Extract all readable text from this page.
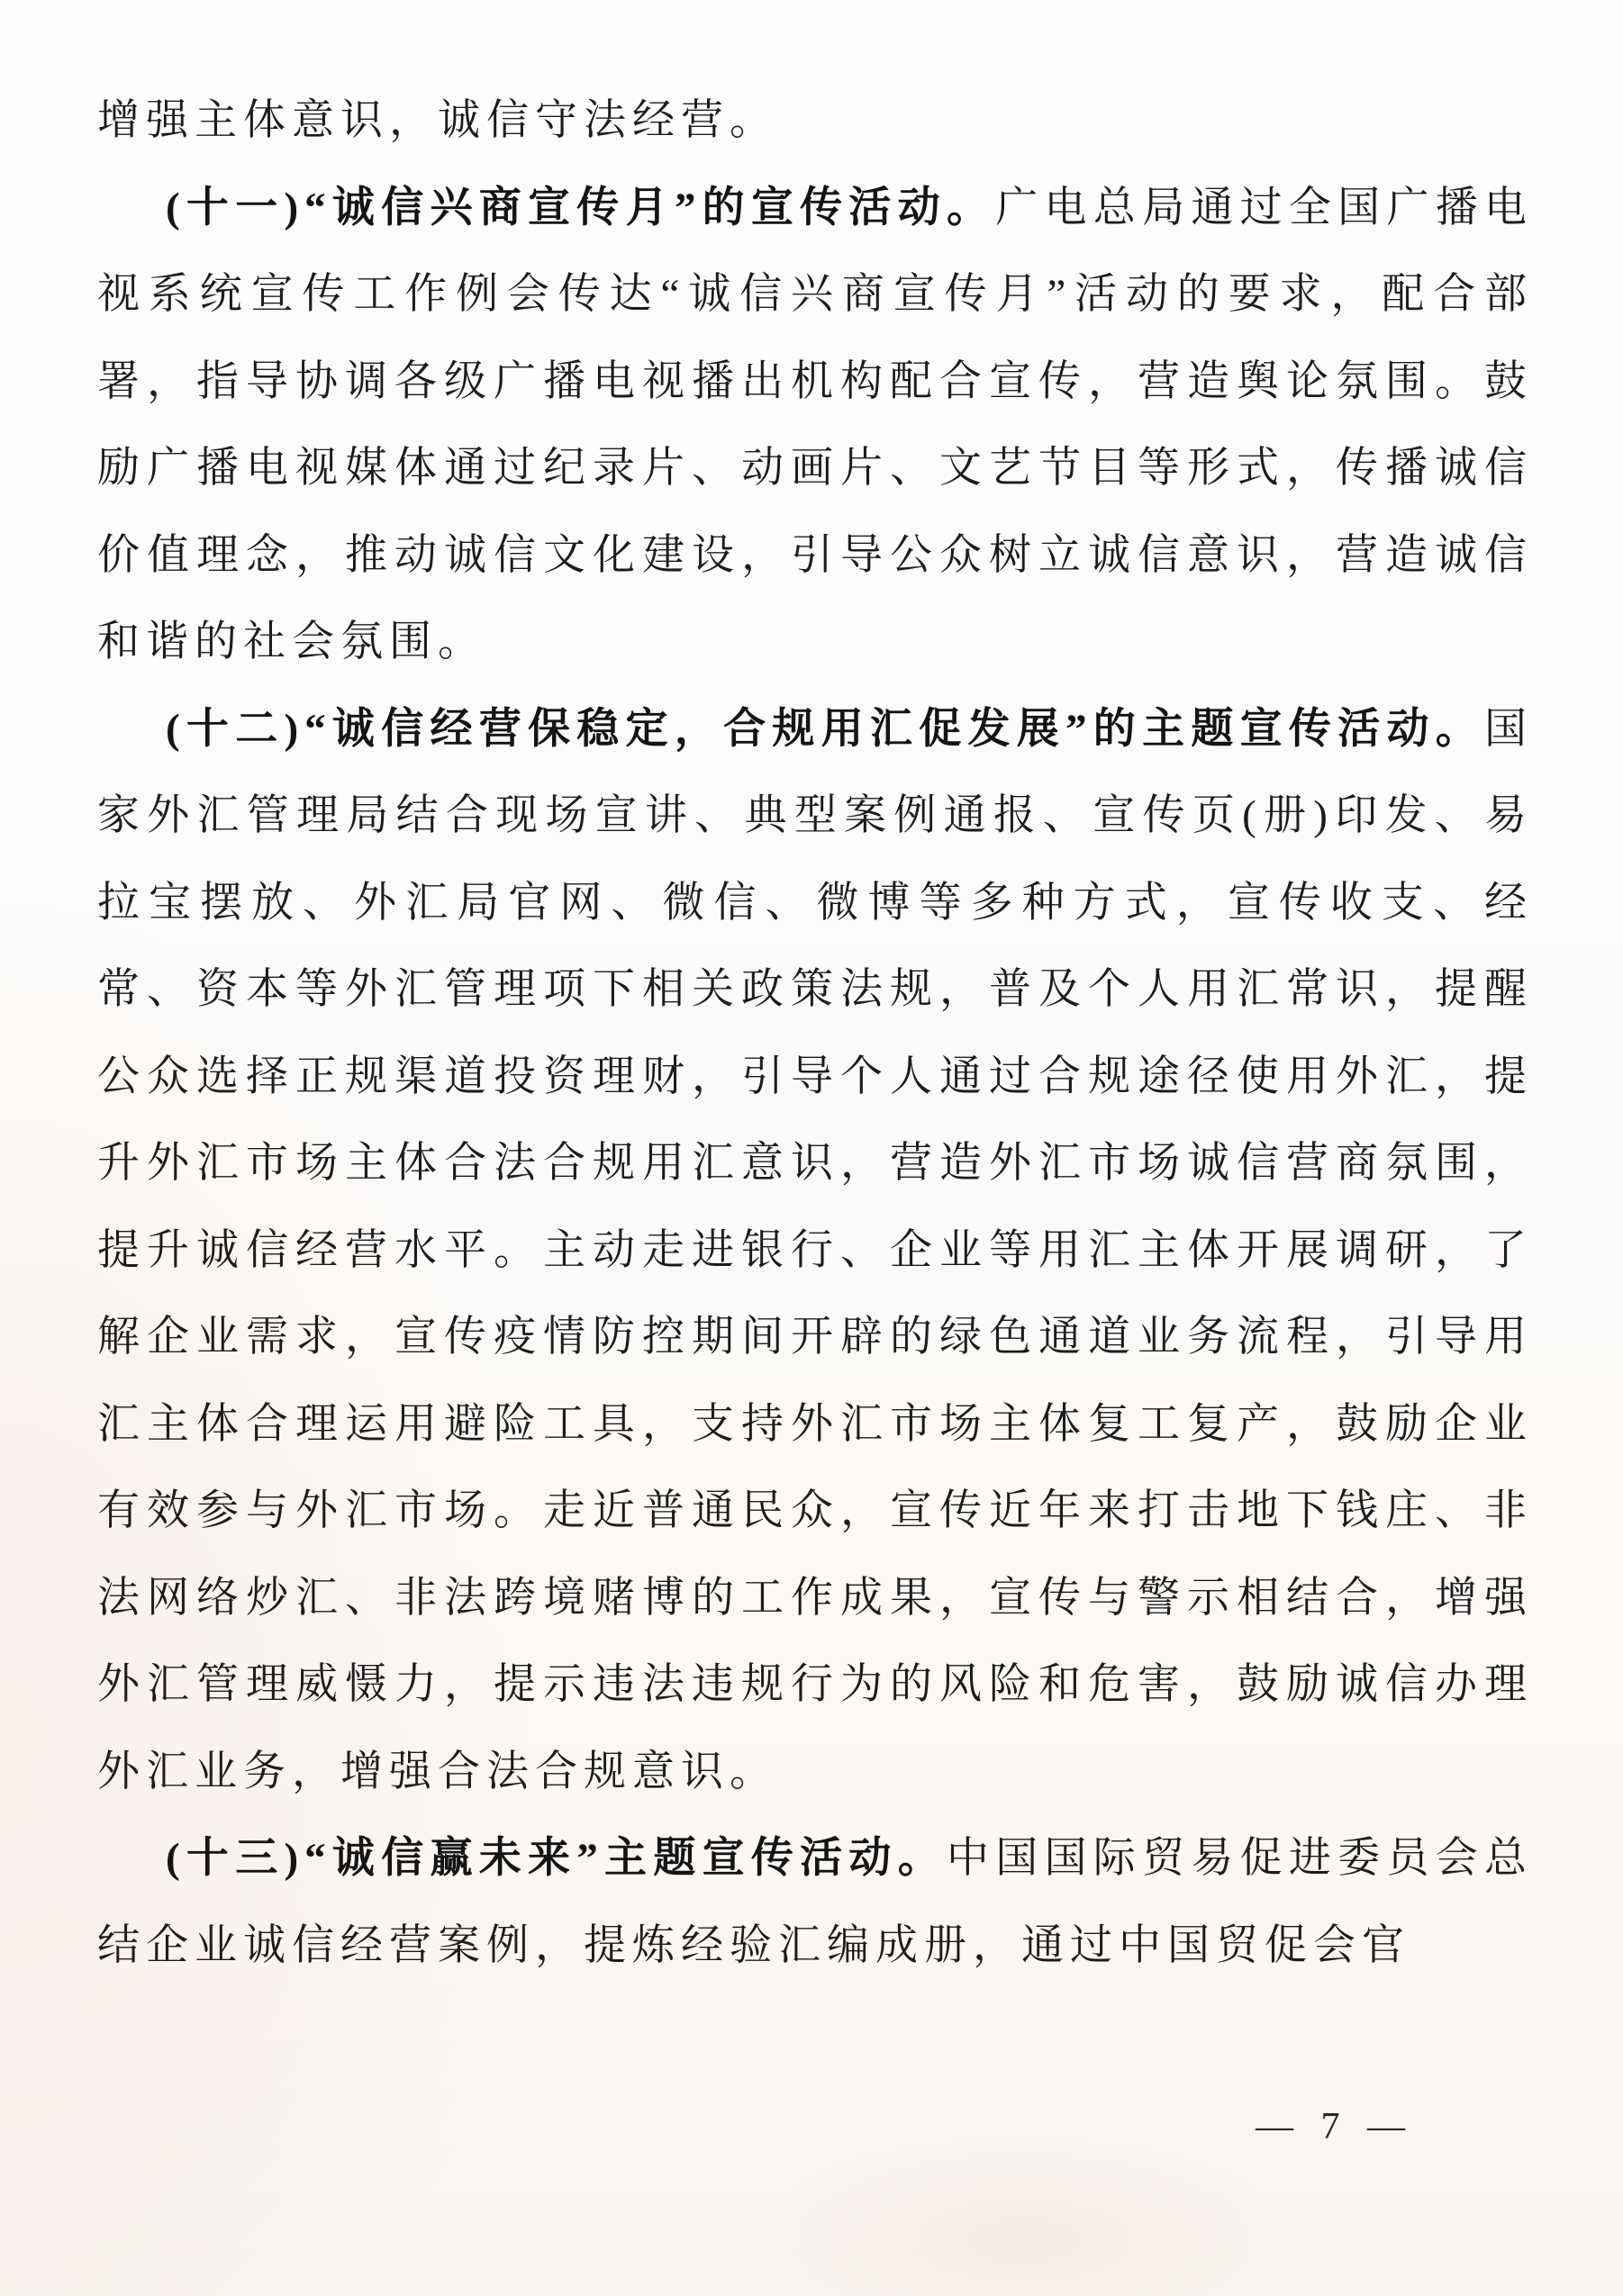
增强主体意识，诚信守法经营。

(十一)“诚信兴商宣传月”的宣传活动。广电总局通过全国广播电视系统宣传工作例会传达“诚信兴商宣传月”活动的要求，配合部署，指导协调各级广播电视播出机构配合宣传，营造舆论氛围。鼓励广播电视媒体通过纪录片、动画片、文艺节目等形式，传播诚信价值理念，推动诚信文化建设，引导公众树立诚信意识，营造诚信和谐的社会氛围。

(十二)“诚信经营保稳定，合规用汇促发展”的主题宣传活动。国家外汇管理局结合现场宣讲、典型案例通报、宣传页(册)印发、易拉宝摆放、外汇局官网、微信、微博等多种方式，宣传收支、经常、资本等外汇管理项下相关政策法规，普及个人用汇常识，提醒公众选择正规渠道投资理财，引导个人通过合规途径使用外汇，提升外汇市场主体合法合规用汇意识，营造外汇市场诚信营商氛围，提升诚信经营水平。主动走进银行、企业等用汇主体开展调研，了解企业需求，宣传疫情防控期间开辟的绿色通道业务流程，引导用汇主体合理运用避险工具，支持外汇市场主体复工复产，鼓励企业有效参与外汇市场。走近普通民众，宣传近年来打击地下钱庄、非法网络炒汇、非法跨境赌博的工作成果，宣传与警示相结合，增强外汇管理威慑力，提示违法违规行为的风险和危害，鼓励诚信办理外汇业务，增强合法合规意识。

(十三)“诚信赢未来”主题宣传活动。中国国际贸易促进委员会总结企业诚信经营案例，提炼经验汇编成册，通过中国贸促会官

— 7 —
